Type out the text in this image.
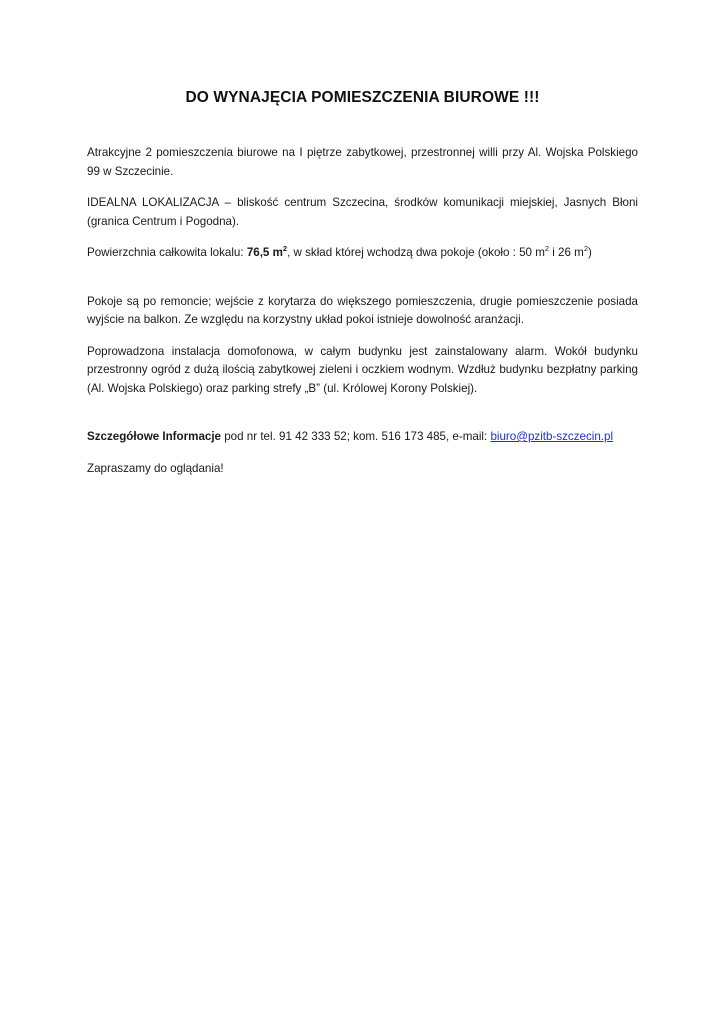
DO WYNAJĘCIA POMIESZCZENIA BIUROWE !!!

Atrakcyjne 2 pomieszczenia biurowe na I piętrze zabytkowej, przestronnej willi przy Al. Wojska Polskiego 99 w Szczecinie.

IDEALNA LOKALIZACJA – bliskość centrum Szczecina, środków komunikacji miejskiej, Jasnych Błoni (granica Centrum i Pogodna).

Powierzchnia całkowita lokalu: 76,5 $m^2$, w skład której wchodzą dwa pokoje (około : 50 $m^2$ i 26 $m^2$)

Pokoje są po remoncie; wejście z korytarza do większego pomieszczenia, drugie pomieszczenie posiada wyjście na balkon. Ze względu na korzystny układ pokoi istnieje dowolność aranżacji.

Poprowadzona instalacja domofonowa, w całym budynku jest zainstalowany alarm. Wokół budynku przestronny ogród z dużą ilością zabytkowej zieleni i oczkiem wodnym. Wzdłuż budynku bezpłatny parking (Al. Wojska Polskiego) oraz parking strefy „B” (ul. Królowej Korony Polskiej).

Szczegółowe Informacje pod nr tel. 91 42 333 52; kom. 516 173 485, e-mail: biuro@pzitb-szczecin.pl

Zapraszamy do oglądania!
